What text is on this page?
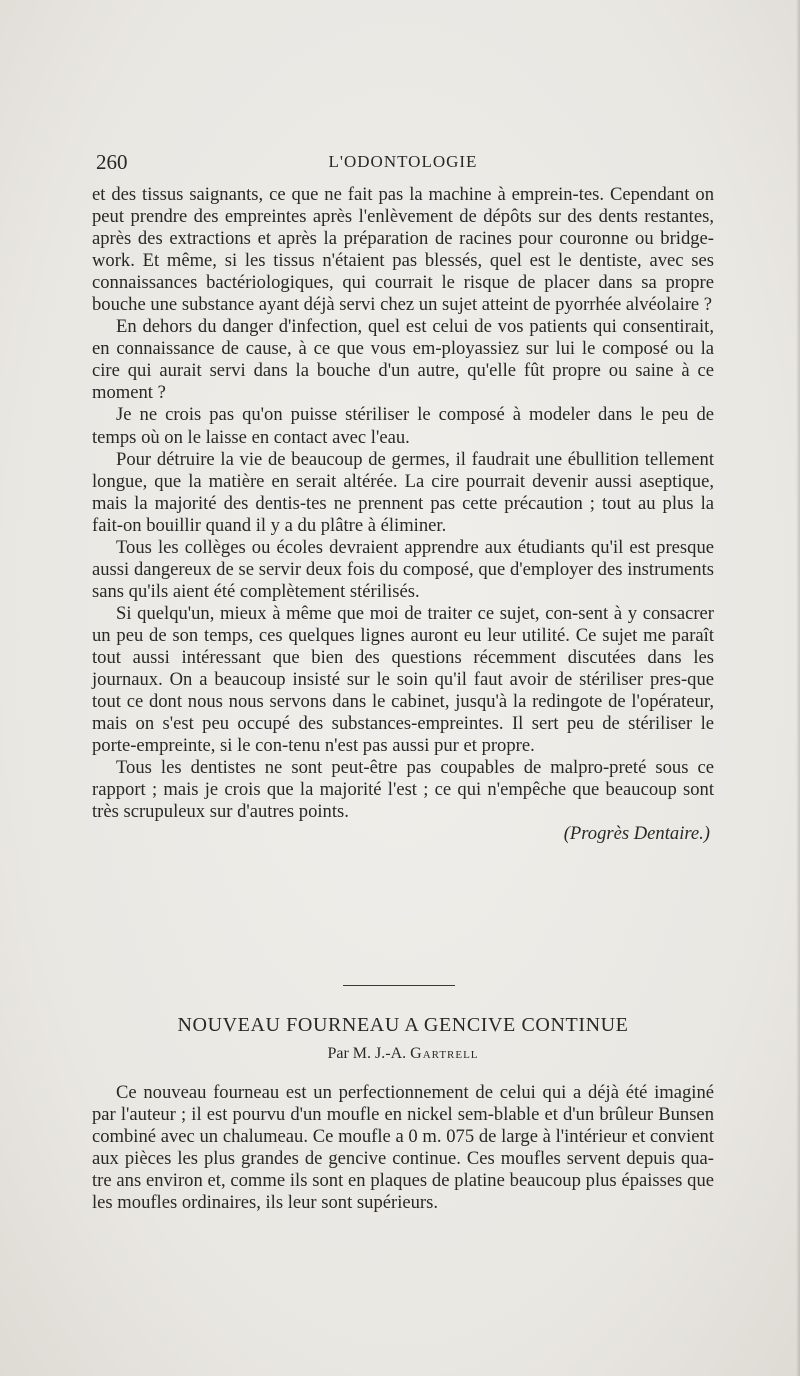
260	L'ODONTOLOGIE

et des tissus saignants, ce que ne fait pas la machine à emprein-tes. Cependant on peut prendre des empreintes après l'enlèvement de dépôts sur des dents restantes, après des extractions et après la préparation de racines pour couronne ou bridge-work. Et même, si les tissus n'étaient pas blessés, quel est le dentiste, avec ses connaissances bactériologiques, qui courrait le risque de placer dans sa propre bouche une substance ayant déjà servi chez un sujet atteint de pyorrhée alvéolaire ?

En dehors du danger d'infection, quel est celui de vos patients qui consentirait, en connaissance de cause, à ce que vous em-ployassiez sur lui le composé ou la cire qui aurait servi dans la bouche d'un autre, qu'elle fût propre ou saine à ce moment ?

Je ne crois pas qu'on puisse stériliser le composé à modeler dans le peu de temps où on le laisse en contact avec l'eau.

Pour détruire la vie de beaucoup de germes, il faudrait une ébullition tellement longue, que la matière en serait altérée. La cire pourrait devenir aussi aseptique, mais la majorité des dentis-tes ne prennent pas cette précaution ; tout au plus la fait-on bouillir quand il y a du plâtre à éliminer.

Tous les collèges ou écoles devraient apprendre aux étudiants qu'il est presque aussi dangereux de se servir deux fois du composé, que d'employer des instruments sans qu'ils aient été complètement stérilisés.

Si quelqu'un, mieux à même que moi de traiter ce sujet, con-sent à y consacrer un peu de son temps, ces quelques lignes auront eu leur utilité. Ce sujet me paraît tout aussi intéressant que bien des questions récemment discutées dans les journaux. On a beaucoup insisté sur le soin qu'il faut avoir de stériliser pres-que tout ce dont nous nous servons dans le cabinet, jusqu'à la redingote de l'opérateur, mais on s'est peu occupé des substances-empreintes. Il sert peu de stériliser le porte-empreinte, si le con-tenu n'est pas aussi pur et propre.

Tous les dentistes ne sont peut-être pas coupables de malpro-preté sous ce rapport ; mais je crois que la majorité l'est ; ce qui n'empêche que beaucoup sont très scrupuleux sur d'autres points.

(Progrès Dentaire.)

NOUVEAU FOURNEAU A GENCIVE CONTINUE
Par M. J.-A. Gartrell

Ce nouveau fourneau est un perfectionnement de celui qui a déjà été imaginé par l'auteur ; il est pourvu d'un moufle en nickel sem-blable et d'un brûleur Bunsen combiné avec un chalumeau. Ce moufle a 0 m. 075 de large à l'intérieur et convient aux pièces les plus grandes de gencive continue. Ces moufles servent depuis qua-tre ans environ et, comme ils sont en plaques de platine beaucoup plus épaisses que les moufles ordinaires, ils leur sont supérieurs.
